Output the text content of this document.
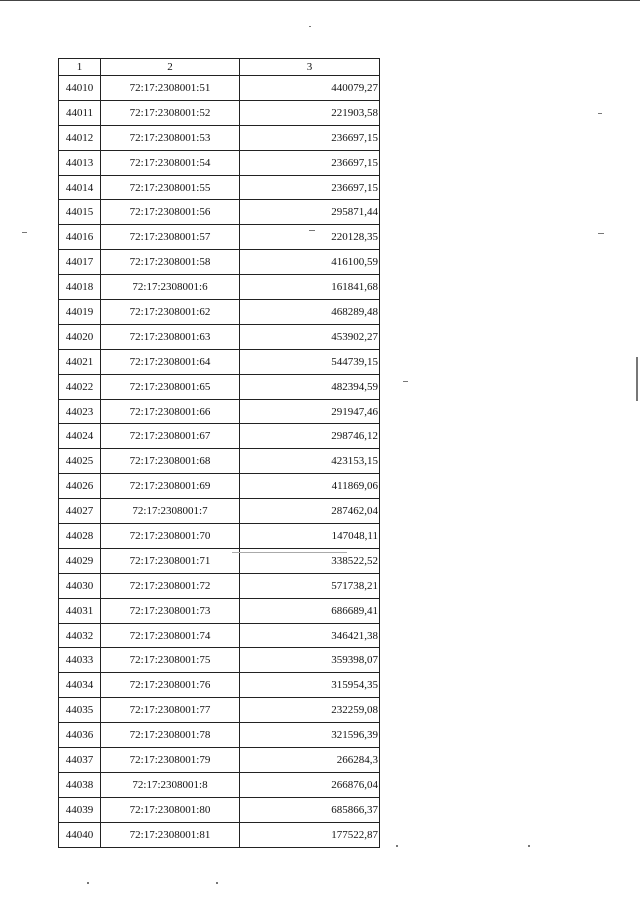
1	2	3
44010	72:17:2308001:51	440079,27
44011	72:17:2308001:52	221903,58
44012	72:17:2308001:53	236697,15
44013	72:17:2308001:54	236697,15
44014	72:17:2308001:55	236697,15
44015	72:17:2308001:56	295871,44
44016	72:17:2308001:57	220128,35
44017	72:17:2308001:58	416100,59
44018	72:17:2308001:6	161841,68
44019	72:17:2308001:62	468289,48
44020	72:17:2308001:63	453902,27
44021	72:17:2308001:64	544739,15
44022	72:17:2308001:65	482394,59
44023	72:17:2308001:66	291947,46
44024	72:17:2308001:67	298746,12
44025	72:17:2308001:68	423153,15
44026	72:17:2308001:69	411869,06
44027	72:17:2308001:7	287462,04
44028	72:17:2308001:70	147048,11
44029	72:17:2308001:71	338522,52
44030	72:17:2308001:72	571738,21
44031	72:17:2308001:73	686689,41
44032	72:17:2308001:74	346421,38
44033	72:17:2308001:75	359398,07
44034	72:17:2308001:76	315954,35
44035	72:17:2308001:77	232259,08
44036	72:17:2308001:78	321596,39
44037	72:17:2308001:79	266284,3
44038	72:17:2308001:8	266876,04
44039	72:17:2308001:80	685866,37
44040	72:17:2308001:81	177522,87
